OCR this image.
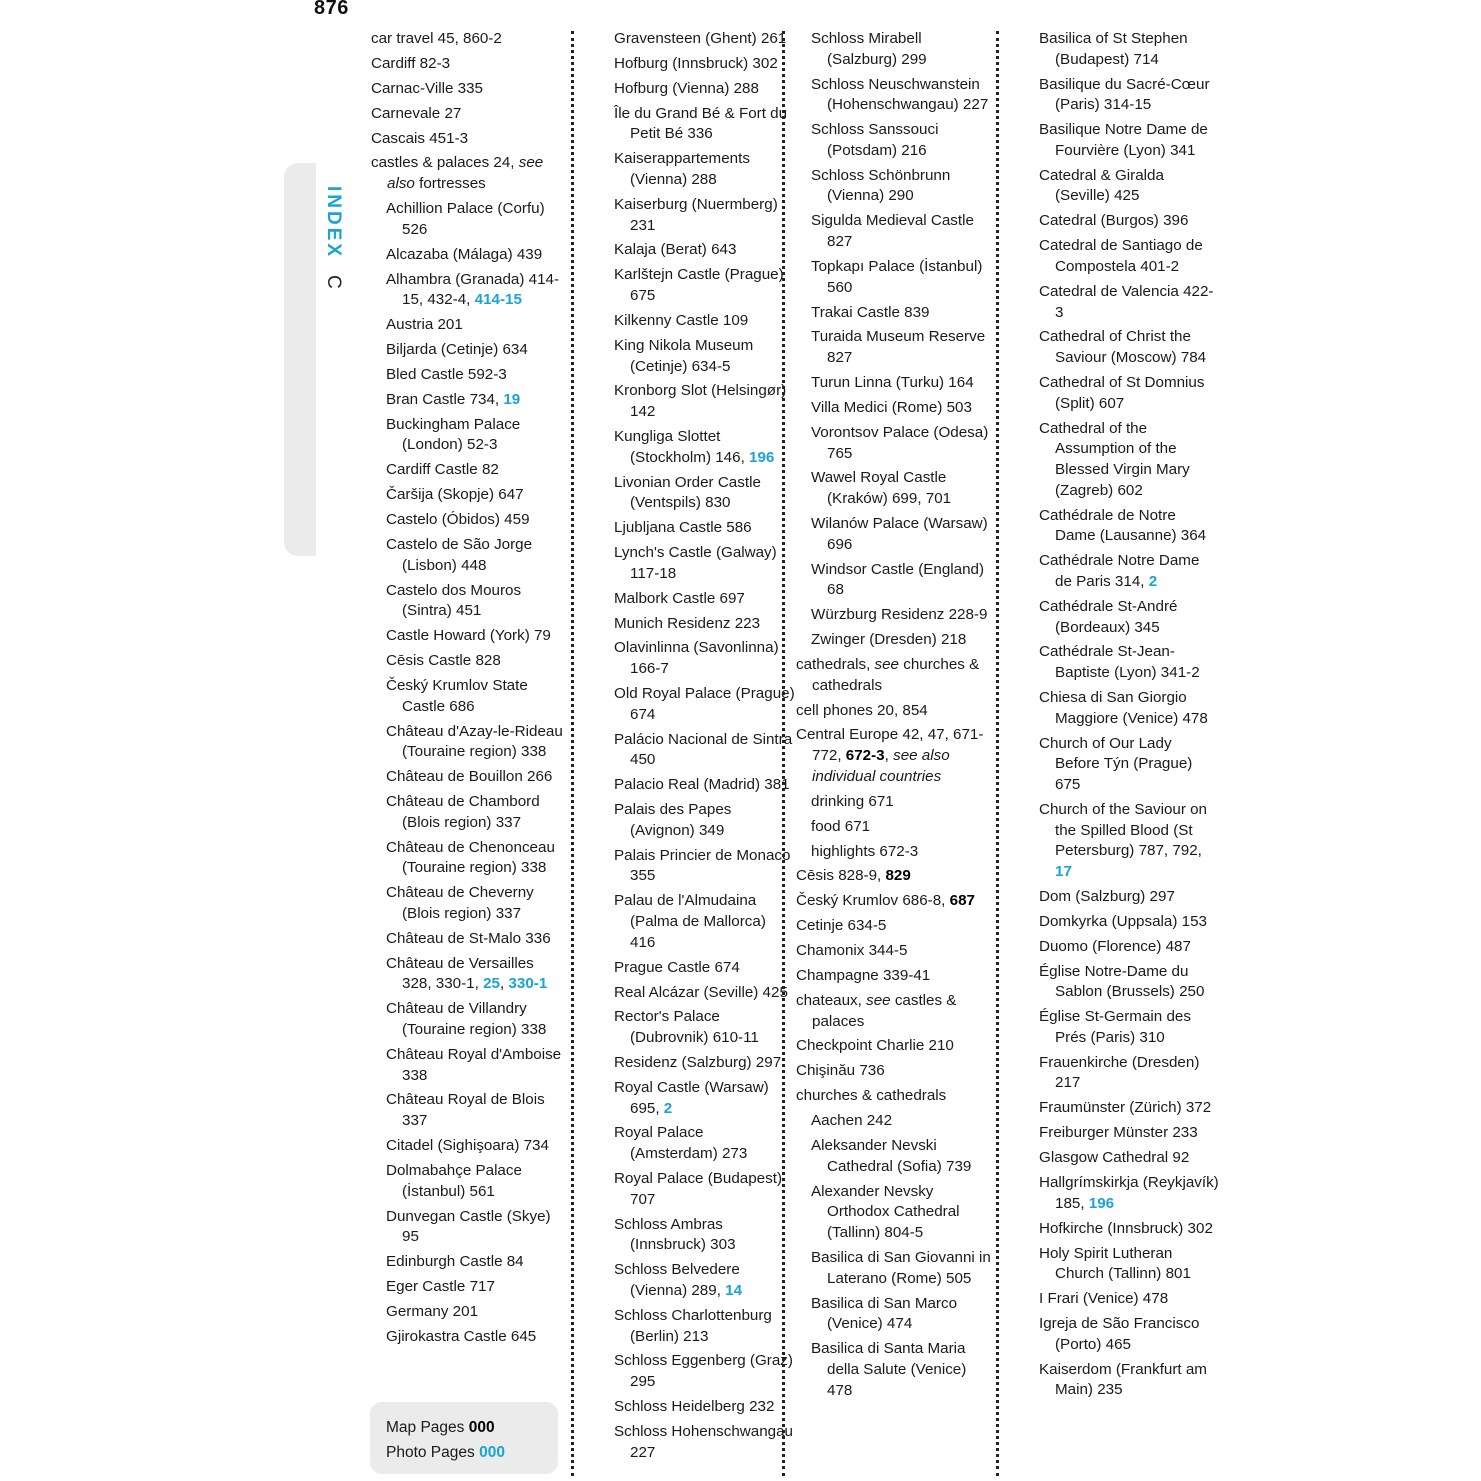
876
INDEX C
car travel 45, 860-2
Cardiff 82-3
Carnac-Ville 335
Carnevale 27
Cascais 451-3
castles & palaces 24, see also fortresses
Achillion Palace (Corfu) 526
Alcazaba (Málaga) 439
Alhambra (Granada) 414-15, 432-4, 414-15
Austria 201
Biljarda (Cetinje) 634
Bled Castle 592-3
Bran Castle 734, 19
Buckingham Palace (London) 52-3
Cardiff Castle 82
Čaršija (Skopje) 647
Castelo (Óbidos) 459
Castelo de São Jorge (Lisbon) 448
Castelo dos Mouros (Sintra) 451
Castle Howard (York) 79
Cēsis Castle 828
Český Krumlov State Castle 686
Château d'Azay-le-Rideau (Touraine region) 338
Château de Bouillon 266
Château de Chambord (Blois region) 337
Château de Chenonceau (Touraine region) 338
Château de Cheverny (Blois region) 337
Château de St-Malo 336
Château de Versailles 328, 330-1, 25, 330-1
Château de Villandry (Touraine region) 338
Château Royal d'Amboise 338
Château Royal de Blois 337
Citadel (Sighişoara) 734
Dolmabahçe Palace (İstanbul) 561
Dunvegan Castle (Skye) 95
Edinburgh Castle 84
Eger Castle 717
Germany 201
Gjirokastra Castle 645
Gravensteen (Ghent) 261
Hofburg (Innsbruck) 302
Hofburg (Vienna) 288
Île du Grand Bé & Fort du Petit Bé 336
Kaiserappartements (Vienna) 288
Kaiserburg (Nuermberg) 231
Kalaja (Berat) 643
Karlštejn Castle (Prague) 675
Kilkenny Castle 109
King Nikola Museum (Cetinje) 634-5
Kronborg Slot (Helsingør) 142
Kungliga Slottet (Stockholm) 146, 196
Livonian Order Castle (Ventspils) 830
Ljubljana Castle 586
Lynch's Castle (Galway) 117-18
Malbork Castle 697
Munich Residenz 223
Olavinlinna (Savonlinna) 166-7
Old Royal Palace (Prague) 674
Palácio Nacional de Sintra 450
Palacio Real (Madrid) 381
Palais des Papes (Avignon) 349
Palais Princier de Monaco 355
Palau de l'Almudaina (Palma de Mallorca) 416
Prague Castle 674
Real Alcázar (Seville) 425
Rector's Palace (Dubrovnik) 610-11
Residenz (Salzburg) 297
Royal Castle (Warsaw) 695, 2
Royal Palace (Amsterdam) 273
Royal Palace (Budapest) 707
Schloss Ambras (Innsbruck) 303
Schloss Belvedere (Vienna) 289, 14
Schloss Charlottenburg (Berlin) 213
Schloss Eggenberg (Graz) 295
Schloss Heidelberg 232
Schloss Hohenschwangau 227
Schloss Mirabell (Salzburg) 299
Schloss Neuschwanstein (Hohenschwangau) 227
Schloss Sanssouci (Potsdam) 216
Schloss Schönbrunn (Vienna) 290
Sigulda Medieval Castle 827
Topkapı Palace (İstanbul) 560
Trakai Castle 839
Turaida Museum Reserve 827
Turun Linna (Turku) 164
Villa Medici (Rome) 503
Vorontsov Palace (Odesa) 765
Wawel Royal Castle (Kraków) 699, 701
Wilanów Palace (Warsaw) 696
Windsor Castle (England) 68
Würzburg Residenz 228-9
Zwinger (Dresden) 218
cathedrals, see churches & cathedrals
cell phones 20, 854
Central Europe 42, 47, 671-772, 672-3, see also individual countries
drinking 671
food 671
highlights 672-3
Cēsis 828-9, 829
Český Krumlov 686-8, 687
Cetinje 634-5
Chamonix 344-5
Champagne 339-41
chateaux, see castles & palaces
Checkpoint Charlie 210
Chişinău 736
churches & cathedrals
Aachen 242
Aleksander Nevski Cathedral (Sofia) 739
Alexander Nevsky Orthodox Cathedral (Tallinn) 804-5
Basilica di San Giovanni in Laterano (Rome) 505
Basilica di San Marco (Venice) 474
Basilica di Santa Maria della Salute (Venice) 478
Basilica of St Stephen (Budapest) 714
Basilique du Sacré-Cœur (Paris) 314-15
Basilique Notre Dame de Fourvière (Lyon) 341
Catedral & Giralda (Seville) 425
Catedral (Burgos) 396
Catedral de Santiago de Compostela 401-2
Catedral de Valencia 422-3
Cathedral of Christ the Saviour (Moscow) 784
Cathedral of St Domnius (Split) 607
Cathedral of the Assumption of the Blessed Virgin Mary (Zagreb) 602
Cathédrale de Notre Dame (Lausanne) 364
Cathédrale Notre Dame de Paris 314, 2
Cathédrale St-André (Bordeaux) 345
Cathédrale St-Jean-Baptiste (Lyon) 341-2
Chiesa di San Giorgio Maggiore (Venice) 478
Church of Our Lady Before Týn (Prague) 675
Church of the Saviour on the Spilled Blood (St Petersburg) 787, 792, 17
Dom (Salzburg) 297
Domkyrka (Uppsala) 153
Duomo (Florence) 487
Église Notre-Dame du Sablon (Brussels) 250
Église St-Germain des Prés (Paris) 310
Frauenkirche (Dresden) 217
Fraumünster (Zürich) 372
Freiburger Münster 233
Glasgow Cathedral 92
Hallgrímskirkja (Reykjavík) 185, 196
Hofkirche (Innsbruck) 302
Holy Spirit Lutheran Church (Tallinn) 801
I Frari (Venice) 478
Igreja de São Francisco (Porto) 465
Kaiserdom (Frankfurt am Main) 235
Map Pages 000
Photo Pages 000
